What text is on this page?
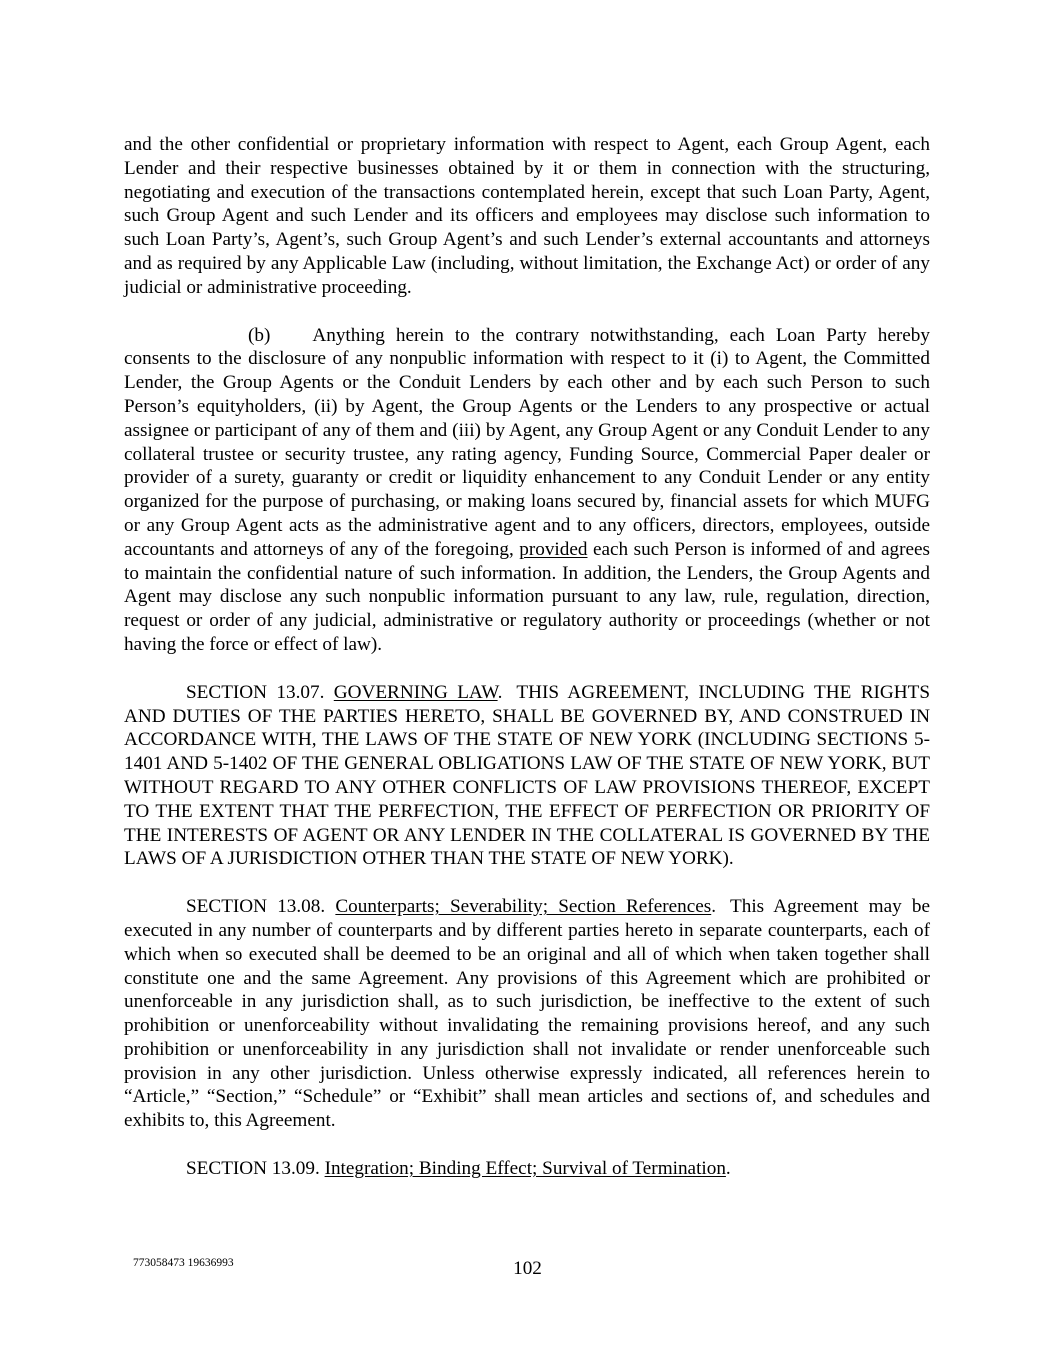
and the other confidential or proprietary information with respect to Agent, each Group Agent, each Lender and their respective businesses obtained by it or them in connection with the structuring, negotiating and execution of the transactions contemplated herein, except that such Loan Party, Agent, such Group Agent and such Lender and its officers and employees may disclose such information to such Loan Party’s, Agent’s, such Group Agent’s and such Lender’s external accountants and attorneys and as required by any Applicable Law (including, without limitation, the Exchange Act) or order of any judicial or administrative proceeding.

(b) Anything herein to the contrary notwithstanding, each Loan Party hereby consents to the disclosure of any nonpublic information with respect to it (i) to Agent, the Committed Lender, the Group Agents or the Conduit Lenders by each other and by each such Person to such Person’s equityholders, (ii) by Agent, the Group Agents or the Lenders to any prospective or actual assignee or participant of any of them and (iii) by Agent, any Group Agent or any Conduit Lender to any collateral trustee or security trustee, any rating agency, Funding Source, Commercial Paper dealer or provider of a surety, guaranty or credit or liquidity enhancement to any Conduit Lender or any entity organized for the purpose of purchasing, or making loans secured by, financial assets for which MUFG or any Group Agent acts as the administrative agent and to any officers, directors, employees, outside accountants and attorneys of any of the foregoing, provided each such Person is informed of and agrees to maintain the confidential nature of such information. In addition, the Lenders, the Group Agents and Agent may disclose any such nonpublic information pursuant to any law, rule, regulation, direction, request or order of any judicial, administrative or regulatory authority or proceedings (whether or not having the force or effect of law).

SECTION 13.07. GOVERNING LAW. THIS AGREEMENT, INCLUDING THE RIGHTS AND DUTIES OF THE PARTIES HERETO, SHALL BE GOVERNED BY, AND CONSTRUED IN ACCORDANCE WITH, THE LAWS OF THE STATE OF NEW YORK (INCLUDING SECTIONS 5-1401 AND 5-1402 OF THE GENERAL OBLIGATIONS LAW OF THE STATE OF NEW YORK, BUT WITHOUT REGARD TO ANY OTHER CONFLICTS OF LAW PROVISIONS THEREOF, EXCEPT TO THE EXTENT THAT THE PERFECTION, THE EFFECT OF PERFECTION OR PRIORITY OF THE INTERESTS OF AGENT OR ANY LENDER IN THE COLLATERAL IS GOVERNED BY THE LAWS OF A JURISDICTION OTHER THAN THE STATE OF NEW YORK).

SECTION 13.08. Counterparts; Severability; Section References. This Agreement may be executed in any number of counterparts and by different parties hereto in separate counterparts, each of which when so executed shall be deemed to be an original and all of which when taken together shall constitute one and the same Agreement. Any provisions of this Agreement which are prohibited or unenforceable in any jurisdiction shall, as to such jurisdiction, be ineffective to the extent of such prohibition or unenforceability without invalidating the remaining provisions hereof, and any such prohibition or unenforceability in any jurisdiction shall not invalidate or render unenforceable such provision in any other jurisdiction. Unless otherwise expressly indicated, all references herein to “Article,” “Section,” “Schedule” or “Exhibit” shall mean articles and sections of, and schedules and exhibits to, this Agreement.

SECTION 13.09. Integration; Binding Effect; Survival of Termination.

773058473 19636993	102
